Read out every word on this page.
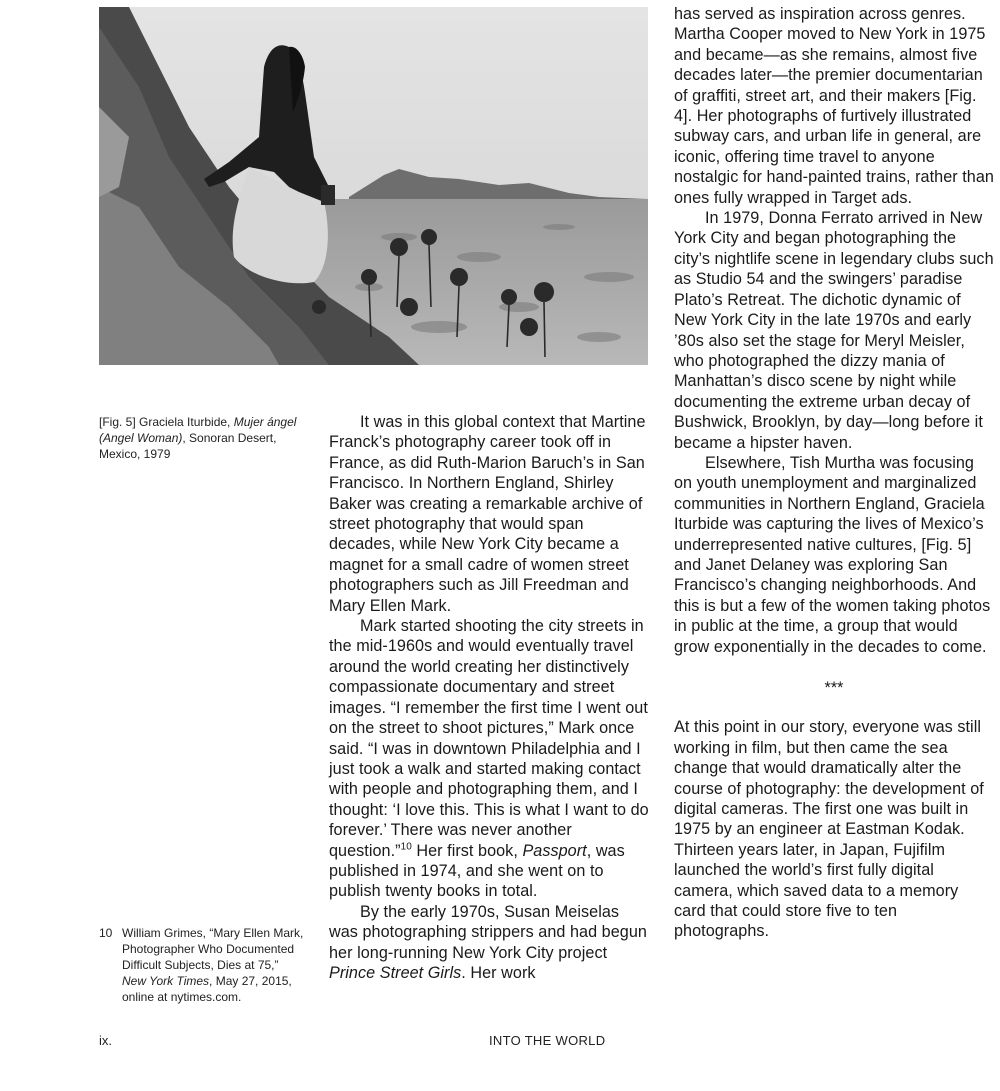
[Fig. 5] Graciela Iturbide, Mujer ángel (Angel Woman), Sonoran Desert, Mexico, 1979

It was in this global context that Martine Franck’s photography career took off in France, as did Ruth-Marion Baruch’s in San Francisco. In Northern England, Shirley Baker was creating a remarkable archive of street photography that would span decades, while New York City became a magnet for a small cadre of women street photographers such as Jill Freedman and Mary Ellen Mark.

Mark started shooting the city streets in the mid-1960s and would eventually travel around the world creating her distinctively compassionate documentary and street images. “I remember the first time I went out on the street to shoot pictures,” Mark once said. “I was in downtown Philadelphia and I just took a walk and started making contact with people and photographing them, and I thought: ‘I love this. This is what I want to do forever.’ There was never another question.”$^{10}$ Her first book, Passport, was published in 1974, and she went on to publish twenty books in total.

By the early 1970s, Susan Meiselas was photographing strippers and had begun her long-running New York City project Prince Street Girls. Her work

has served as inspiration across genres. Martha Cooper moved to New York in 1975 and became—as she remains, almost five decades later—the premier documentarian of graffiti, street art, and their makers [Fig. 4]. Her photographs of furtively illustrated subway cars, and urban life in general, are iconic, offering time travel to anyone nostalgic for hand-painted trains, rather than ones fully wrapped in Target ads.

In 1979, Donna Ferrato arrived in New York City and began photographing the city’s nightlife scene in legendary clubs such as Studio 54 and the swingers’ paradise Plato’s Retreat. The dichotic dynamic of New York City in the late 1970s and early ’80s also set the stage for Meryl Meisler, who photographed the dizzy mania of Manhattan’s disco scene by night while documenting the extreme urban decay of Bushwick, Brooklyn, by day—long before it became a hipster haven.

Elsewhere, Tish Murtha was focusing on youth unemployment and marginalized communities in Northern England, Graciela Iturbide was capturing the lives of Mexico’s underrepresented native cultures, [Fig. 5] and Janet Delaney was exploring San Francisco’s changing neighborhoods. And this is but a few of the women taking photos in public at the time, a group that would grow exponentially in the decades to come.

***

At this point in our story, everyone was still working in film, but then came the sea change that would dramatically alter the course of photography: the development of digital cameras. The first one was built in 1975 by an engineer at Eastman Kodak. Thirteen years later, in Japan, Fujifilm launched the world’s first fully digital camera, which saved data to a memory card that could store five to ten photographs.

10 William Grimes, “Mary Ellen Mark, Photographer Who Documented Difficult Subjects, Dies at 75,” New York Times, May 27, 2015, online at nytimes.com.
ix.	INTO THE WORLD
